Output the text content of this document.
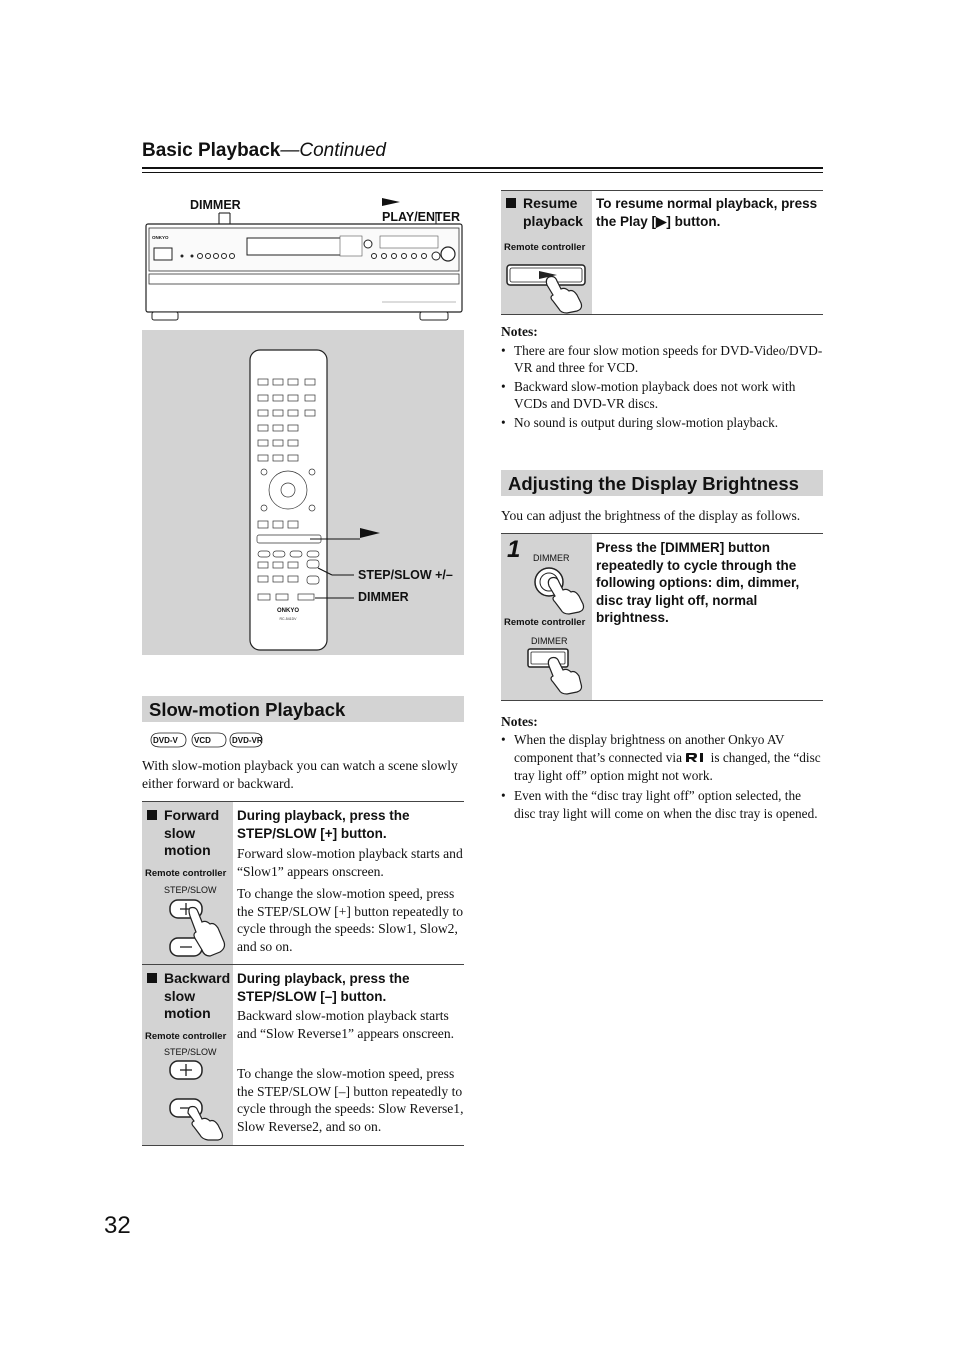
Basic Playback—Continued
DIMMER
PLAY/ENTER
ONKYO
RC-541DV
ONKYO
STEP/SLOW +/–
DIMMER
Slow-motion Playback
DVD-V VCD	DVD-VR
With slow-motion playback you can watch a scene slowly either forward or backward.
Forward
slow
motion
Remote controller
STEP/SLOW
During playback, press the STEP/SLOW [+] button.
Forward slow-motion playback starts and “Slow1” appears onscreen.
To change the slow-motion speed, press the STEP/SLOW [+] button repeatedly to cycle through the speeds: Slow1, Slow2, and so on.
Backward
slow
motion
Remote controller
STEP/SLOW
During playback, press the STEP/SLOW [–] button.
Backward slow-motion playback starts and “Slow Reverse1” appears onscreen.
To change the slow-motion speed, press the STEP/SLOW [–] button repeatedly to cycle through the speeds: Slow Reverse1, Slow Reverse2, and so on.
Resume
playback
Remote controller
To resume normal playback, press the Play [▶] button.
Notes:
• There are four slow motion speeds for DVD-Video/DVD-VR and three for VCD.
• Backward slow-motion playback does not work with VCDs and DVD-VR discs.
• No sound is output during slow-motion playback.
Adjusting the Display Brightness
You can adjust the brightness of the display as follows.
1 DIMMER
Remote controller
DIMMER
Press the [DIMMER] button repeatedly to cycle through the following options: dim, dimmer, disc tray light off, normal brightness.
Notes:
• When the display brightness on another Onkyo AV component that’s connected via is changed, the “disc tray light off” option might not work.
• Even with the “disc tray light off” option selected, the disc tray light will come on when the disc tray is opened.
32
